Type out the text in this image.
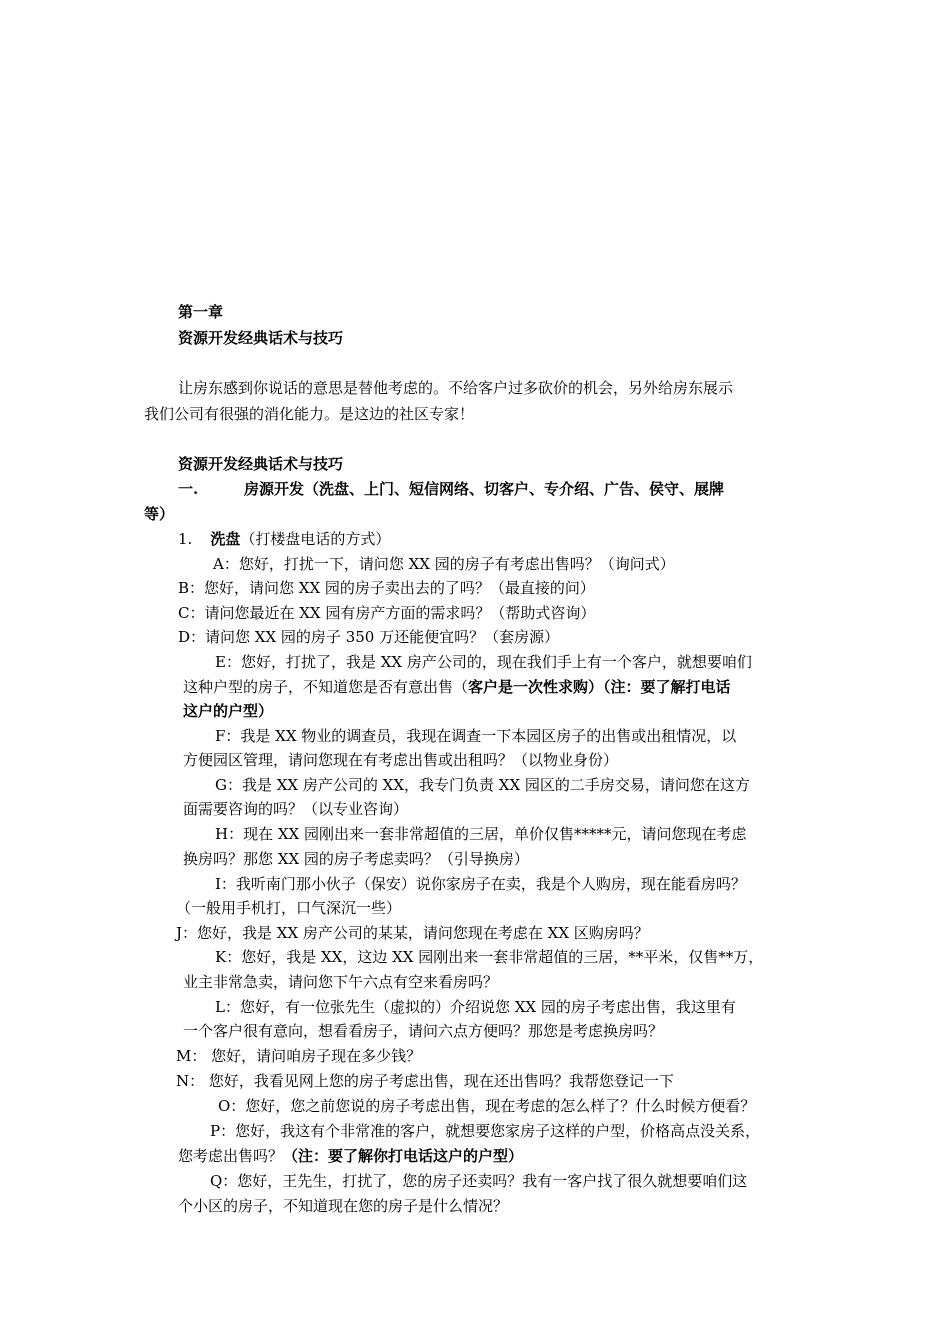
第一章
资源开发经典话术与技巧
让房东感到你说话的意思是替他考虑的。不给客户过多砍价的机会，另外给房东展示
我们公司有很强的消化能力。是这边的社区专家！
资源开发经典话术与技巧
一.	房源开发（洗盘、上门、短信网络、切客户、专介绍、广告、侯守、展牌
等）
1. 洗盘（打楼盘电话的方式）
A：您好，打扰一下，请问您 XX 园的房子有考虑出售吗？（询问式）
B：您好，请问您 XX 园的房子卖出去的了吗？（最直接的问）
C：请问您最近在 XX 园有房产方面的需求吗？（帮助式咨询）
D：请问您 XX 园的房子 350 万还能便宜吗？（套房源）
E：您好，打扰了，我是 XX 房产公司的，现在我们手上有一个客户，就想要咱们
这种户型的房子，不知道您是否有意出售（客户是一次性求购）（注：要了解打电话
这户的户型）
F：我是 XX 物业的调查员，我现在调查一下本园区房子的出售或出租情况，以
方便园区管理，请问您现在有考虑出售或出租吗？（以物业身份）
G：我是 XX 房产公司的 XX，我专门负责 XX 园区的二手房交易，请问您在这方
面需要咨询的吗？（以专业咨询）
H：现在 XX 园刚出来一套非常超值的三居，单价仅售*****元，请问您现在考虑
换房吗？那您 XX 园的房子考虑卖吗？（引导换房）
I：我听南门那小伙子（保安）说你家房子在卖，我是个人购房，现在能看房吗？
（一般用手机打，口气深沉一些）
J：您好，我是 XX 房产公司的某某，请问您现在考虑在 XX 区购房吗？
K：您好，我是 XX，这边 XX 园刚出来一套非常超值的三居，**平米，仅售**万，
业主非常急卖，请问您下午六点有空来看房吗？
L：您好，有一位张先生（虚拟的）介绍说您 XX 园的房子考虑出售，我这里有
一个客户很有意向，想看看房子，请问六点方便吗？那您是考虑换房吗？
M： 您好，请问咱房子现在多少钱？
N： 您好，我看见网上您的房子考虑出售，现在还出售吗？我帮您登记一下
O：您好，您之前您说的房子考虑出售，现在考虑的怎么样了？什么时候方便看？
P：您好，我这有个非常准的客户，就想要您家房子这样的户型，价格高点没关系，
您考虑出售吗？（注：要了解你打电话这户的户型）
Q：您好，王先生，打扰了，您的房子还卖吗？我有一客户找了很久就想要咱们这
个小区的房子，不知道现在您的房子是什么情况？
